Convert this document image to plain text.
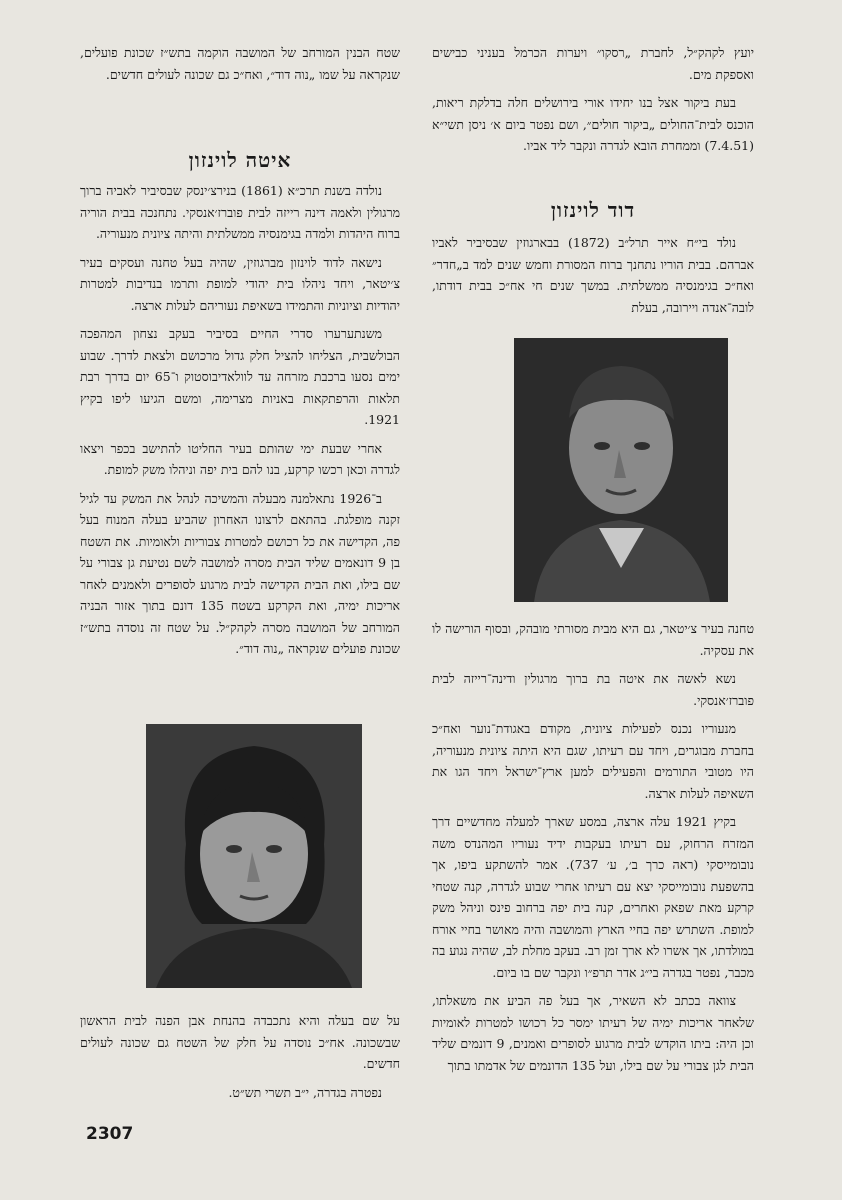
יועץ לקהק״ל, לחברת „רסקו״ ויערות הכרמל בעניני כבישים ואספקת מים.

בעת ביקור אצל בנו יחידו אורי בירושלים חלה בדלקת ריאות, הוכנס לבית־החולים „ביקור חולים״, ושם נפטר ביום א׳ ניסן תשי״א (7.4.51) וממחרת הובא לגדרה ונקבר ליד אביו.

דוד לוינזון

נולד בי״ח אייר תרל״ב (1872) בבארגוזין שבסיביר לאביו אברהם. בבית הוריו נתחנך ברוח המסורת וחמש שנים למד ב„חדר״ ואח״כ בגימנסיה ממשלתית. במשך שנים חי אח״כ בבית דודתו, לובה־אנדה ויירובה, בעלת

טחנה בעיר צ׳יטאר, גם היא מבית מסורתי מובהק, ובסוף הורישה לו את עסקיה.

נשא לאשה את איטה בת ברוך מרגולין ודינה־רייזה לבית פוברז׳אנסקי.

מנעוריו נכנס לפעילות ציונית, מקודם באגודת־נוער ואח״כ בחברת מבוגרים, ויחד עם רעיתו, שגם היא היתה ציונית מנעוריה, היו מטובי התורמים והפעילים למען ארץ־ישראל ויחד הגו את השאיפה לעלות ארצה.

בקיץ 1921 עלה ארצה, במסע שארך למעלה מחדשיים דרך המזרח הרחוק, עם רעיתו בעקבות ידיד נעוריו המהנדס משה נובומייסקי (ראה כרך ב׳, ע׳ 737). אמר להשתקע ביפו, אך בהשפעת נובומייסקי יצא עם רעיתו אחרי שבוע לגדרה, קנה שטחי קרקע מאת שפאק ואחרים, קנה בית יפה ברחוב פינס וניהל משק למופת. השתרש יפה בחיי הארץ והמושבה והיה מאושר בחיי אורח במולדתו, אך אשרו לא ארך זמן רב. בעקב מחלת לב, שהיה נגוע בה מכבר, נפטר בגדרה בי״ג אדר תרפ״ו ונקבר שם בו ביום.

צוואה בכתב לא השאיר, אך בעל פה הביע את משאלתו, שלאחר אריכות ימיה של רעיתו ימסר כל רכושו למטרות לאומיות וכן היה: ביתו הוקדש לבית מרגוע לסופרים ואמנים, 9 דונמים שליד הבית לגן צבורי על שם בילו, ועל 135 הדונמים של אדמתו בתוך

שטח הבנין המורחב של המושבה הוקמה בתש״ז שכונת פועלים, שנקראה על שמו „נוה דוד״, ואח״כ גם שכונה לעולים חדשים.

איטה לוינזון

נולדה בשנת תרכ״א (1861) בנירצ׳ינסק שבסיביר לאביה ברוך מרגולין ולאמה דינה רייזה לבית פוברז׳אנסקי. נתחנכה בבית הוריה ברוח היהדות ולמדה בגימנסיה ממשלתית והיתה ציונית מנעוריה.

נישאה לדוד לוינזון מברגוזין, שהיה בעל טחנה ועסקים בעיר צ׳יטאר, ויחד ניהלו בית יהודי למופת ותרמו בנדיבות למטרות יהודיות וציוניות והתמידו בשאיפת נעוריהם לעלות ארצה.

משנתערערו סדרי החיים בסיביר בעקב נצחון המהפכה הבולשבית, הצליחו להציל חלק גדול מרכושם ולצאת לדרך. שבוע ימים נסעו ברכבת מזרחה עד לוולאדיבוסטוק ו־65 יום בדרך רבת תלאות והרפתקאות באניות מצרימה, ומשם הגיעו ליפו בקיץ 1921.

אחרי שבעת ימי שהותם בעיר החליטו להתישב בכפר ויצאו לגדרה וכאן רכשו קרקע, בנו להם בית יפה וניהלו משק למופת.

ב־1926 נתאלמנה מבעלה והמשיכה לנהל את המשק עד לגיל זקנה מופלגת. בהתאם לרצונו האחרון שהביע בעלה המנוח בעל פה, הקדישה את כל רכושם למטרות צבוריות ולאומיות. את השטח בן 9 דונאמים שליד הבית מסרה למושבה לשם נטיעת גן צבורי על שם בילו, ואת הבית הקדישה לבית מרגוע לסופרים ולאמנים לאחר אריכות ימיה, ואת הקרקע בשטח 135 דונם בתוך אזור הבניה המורחב של המושבה מסרה לקהק״ל. על שטח זה נוסדה בתש״ז שכונת פועלים שנקראה „נוה דוד״.

על שם בעלה והיא נתכבדה בהנחת אבן הפנה לבית הראשון שבשכונה. אח״כ נוסדה על חלק של השטח גם שכונה לעולים חדשים.

נפטרה בגדרה, י״ב תשרי תש״ט.

2307
